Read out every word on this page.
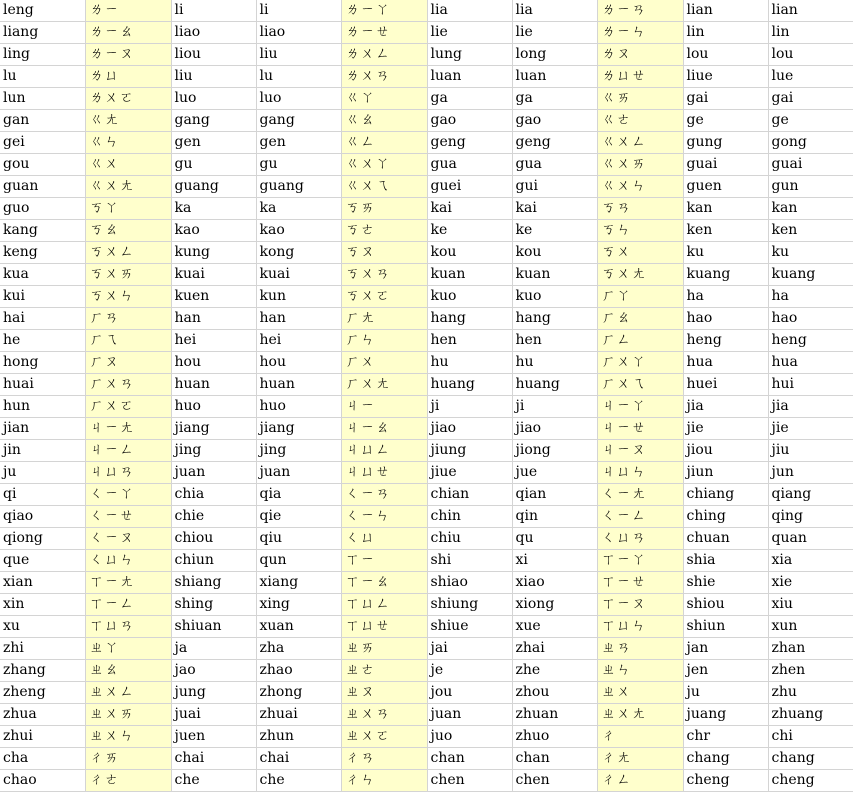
leng	ㄌㄧ	li	li	ㄌㄧㄚ	lia	lia	ㄌㄧㄢ	lian	lian
liang	ㄌㄧㄠ	liao	liao	ㄌㄧㄝ	lie	lie	ㄌㄧㄣ	lin	lin
ling	ㄌㄧㄡ	liou	liu	ㄌㄨㄥ	lung	long	ㄌㄡ	lou	lou
lu	ㄌㄩ	liu	lu	ㄌㄨㄢ	luan	luan	ㄌㄩㄝ	liue	lue
lun	ㄌㄨㄛ	luo	luo	ㄍㄚ	ga	ga	ㄍㄞ	gai	gai
gan	ㄍㄤ	gang	gang	ㄍㄠ	gao	gao	ㄍㄜ	ge	ge
gei	ㄍㄣ	gen	gen	ㄍㄥ	geng	geng	ㄍㄨㄥ	gung	gong
gou	ㄍㄨ	gu	gu	ㄍㄨㄚ	gua	gua	ㄍㄨㄞ	guai	guai
guan	ㄍㄨㄤ	guang	guang	ㄍㄨㄟ	guei	gui	ㄍㄨㄣ	guen	gun
guo	ㄎㄚ	ka	ka	ㄎㄞ	kai	kai	ㄎㄢ	kan	kan
kang	ㄎㄠ	kao	kao	ㄎㄜ	ke	ke	ㄎㄣ	ken	ken
keng	ㄎㄨㄥ	kung	kong	ㄎㄡ	kou	kou	ㄎㄨ	ku	ku
kua	ㄎㄨㄞ	kuai	kuai	ㄎㄨㄢ	kuan	kuan	ㄎㄨㄤ	kuang	kuang
kui	ㄎㄨㄣ	kuen	kun	ㄎㄨㄛ	kuo	kuo	ㄏㄚ	ha	ha
hai	ㄏㄢ	han	han	ㄏㄤ	hang	hang	ㄏㄠ	hao	hao
he	ㄏㄟ	hei	hei	ㄏㄣ	hen	hen	ㄏㄥ	heng	heng
hong	ㄏㄡ	hou	hou	ㄏㄨ	hu	hu	ㄏㄨㄚ	hua	hua
huai	ㄏㄨㄢ	huan	huan	ㄏㄨㄤ	huang	huang	ㄏㄨㄟ	huei	hui
hun	ㄏㄨㄛ	huo	huo	ㄐㄧ	ji	ji	ㄐㄧㄚ	jia	jia
jian	ㄐㄧㄤ	jiang	jiang	ㄐㄧㄠ	jiao	jiao	ㄐㄧㄝ	jie	jie
jin	ㄐㄧㄥ	jing	jing	ㄐㄩㄥ	jiung	jiong	ㄐㄧㄡ	jiou	jiu
ju	ㄐㄩㄢ	juan	juan	ㄐㄩㄝ	jiue	jue	ㄐㄩㄣ	jiun	jun
qi	ㄑㄧㄚ	chia	qia	ㄑㄧㄢ	chian	qian	ㄑㄧㄤ	chiang	qiang
qiao	ㄑㄧㄝ	chie	qie	ㄑㄧㄣ	chin	qin	ㄑㄧㄥ	ching	qing
qiong	ㄑㄧㄡ	chiou	qiu	ㄑㄩ	chiu	qu	ㄑㄩㄢ	chuan	quan
que	ㄑㄩㄣ	chiun	qun	ㄒㄧ	shi	xi	ㄒㄧㄚ	shia	xia
xian	ㄒㄧㄤ	shiang	xiang	ㄒㄧㄠ	shiao	xiao	ㄒㄧㄝ	shie	xie
xin	ㄒㄧㄥ	shing	xing	ㄒㄩㄥ	shiung	xiong	ㄒㄧㄡ	shiou	xiu
xu	ㄒㄩㄢ	shiuan	xuan	ㄒㄩㄝ	shiue	xue	ㄒㄩㄣ	shiun	xun
zhi	ㄓㄚ	ja	zha	ㄓㄞ	jai	zhai	ㄓㄢ	jan	zhan
zhang	ㄓㄠ	jao	zhao	ㄓㄜ	je	zhe	ㄓㄣ	jen	zhen
zheng	ㄓㄨㄥ	jung	zhong	ㄓㄡ	jou	zhou	ㄓㄨ	ju	zhu
zhua	ㄓㄨㄞ	juai	zhuai	ㄓㄨㄢ	juan	zhuan	ㄓㄨㄤ	juang	zhuang
zhui	ㄓㄨㄣ	juen	zhun	ㄓㄨㄛ	juo	zhuo	ㄔ	chr	chi
cha	ㄔㄞ	chai	chai	ㄔㄢ	chan	chan	ㄔㄤ	chang	chang
chao	ㄔㄜ	che	che	ㄔㄣ	chen	chen	ㄔㄥ	cheng	cheng
